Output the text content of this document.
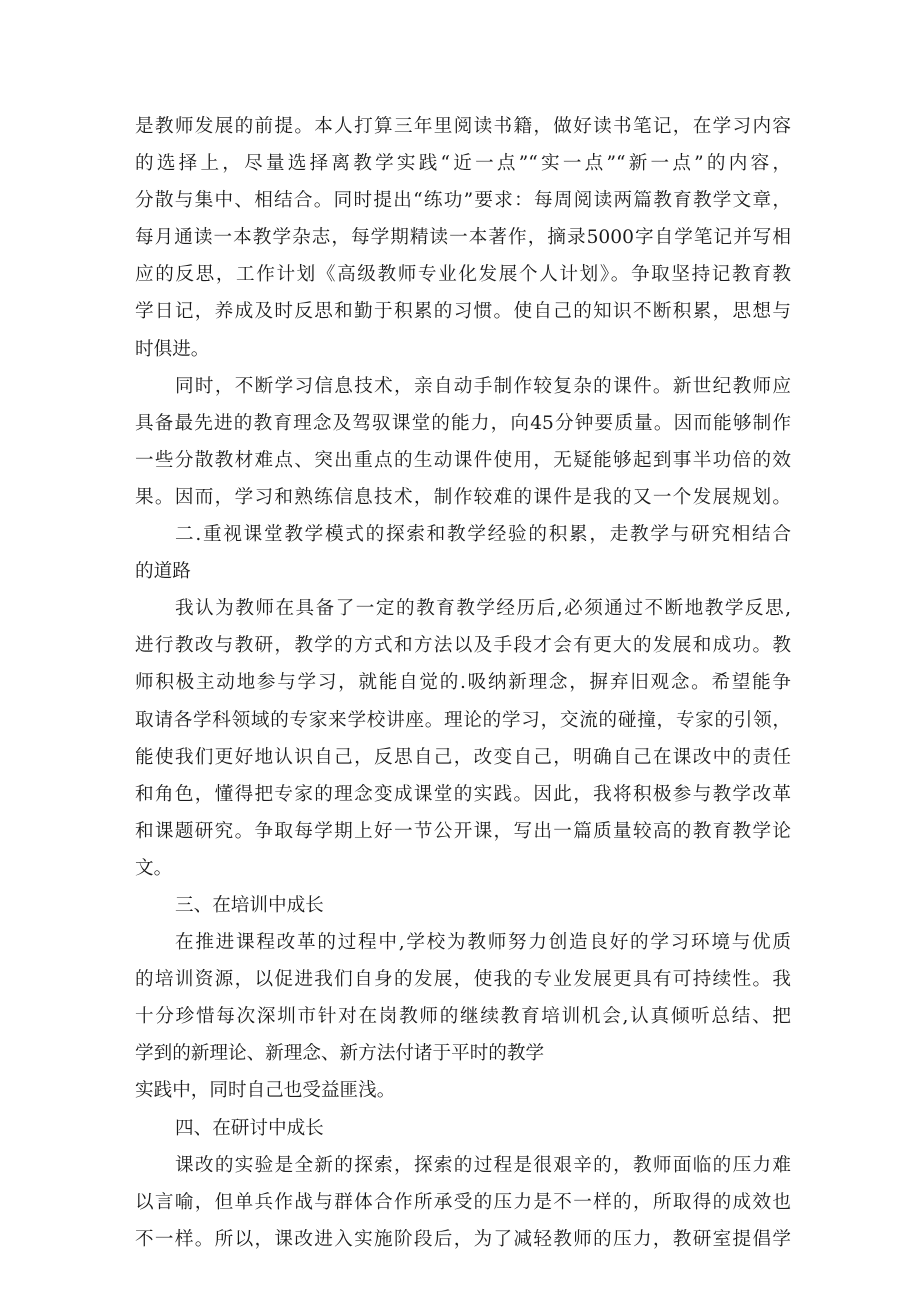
是教师发展的前提。本人打算三年里阅读书籍，做好读书笔记，在学习内容
的选择上，尽量选择离教学实践“近一点”“实一点”“新一点”的内容，
分散与集中、相结合。同时提出“练功”要求：每周阅读两篇教育教学文章，
每月通读一本教学杂志，每学期精读一本著作，摘录5000字自学笔记并写相
应的反思，工作计划《高级教师专业化发展个人计划》。争取坚持记教育教
学日记，养成及时反思和勤于积累的习惯。使自己的知识不断积累，思想与
时俱进。
同时，不断学习信息技术，亲自动手制作较复杂的课件。新世纪教师应
具备最先进的教育理念及驾驭课堂的能力，向45分钟要质量。因而能够制作
一些分散教材难点、突出重点的生动课件使用，无疑能够起到事半功倍的效
果。因而，学习和熟练信息技术，制作较难的课件是我的又一个发展规划。
二.重视课堂教学模式的探索和教学经验的积累，走教学与研究相结合
的道路
我认为教师在具备了一定的教育教学经历后,必须通过不断地教学反思,
进行教改与教研，教学的方式和方法以及手段才会有更大的发展和成功。教
师积极主动地参与学习，就能自觉的.吸纳新理念，摒弃旧观念。希望能争
取请各学科领域的专家来学校讲座。理论的学习，交流的碰撞，专家的引领，
能使我们更好地认识自己，反思自己，改变自己，明确自己在课改中的责任
和角色，懂得把专家的理念变成课堂的实践。因此，我将积极参与教学改革
和课题研究。争取每学期上好一节公开课，写出一篇质量较高的教育教学论
文。
三、在培训中成长
在推进课程改革的过程中,学校为教师努力创造良好的学习环境与优质
的培训资源，以促进我们自身的发展，使我的专业发展更具有可持续性。我
十分珍惜每次深圳市针对在岗教师的继续教育培训机会,认真倾听总结、把
学到的新理论、新理念、新方法付诸于平时的教学
实践中，同时自己也受益匪浅。
四、在研讨中成长
课改的实验是全新的探索，探索的过程是很艰辛的，教师面临的压力难
以言喻，但单兵作战与群体合作所承受的压力是不一样的，所取得的成效也
不一样。所以，课改进入实施阶段后，为了减轻教师的压力，教研室提倡学
